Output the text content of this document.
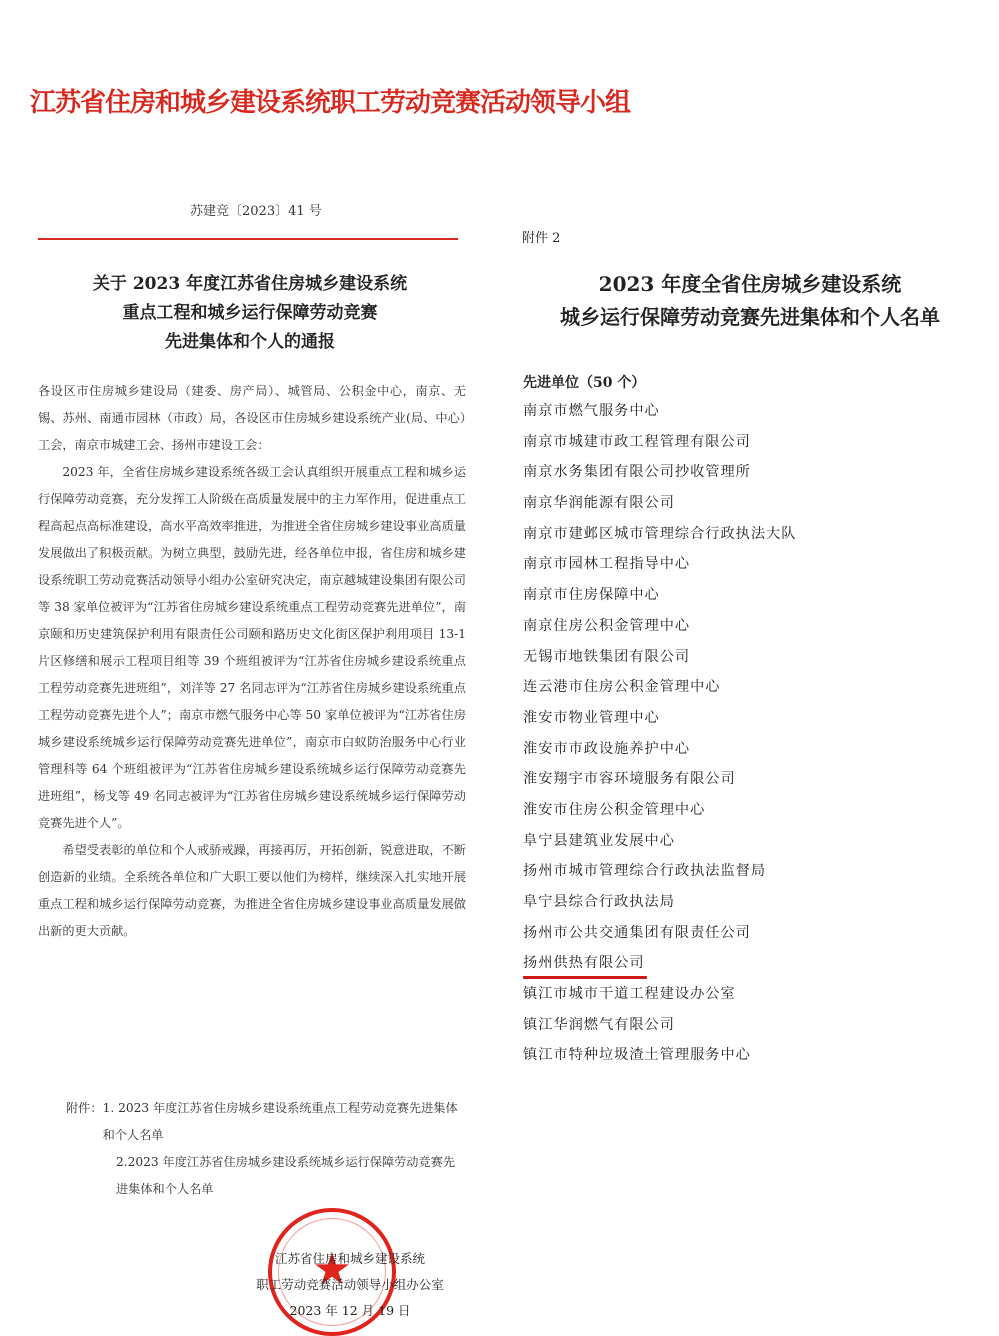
江苏省住房和城乡建设系统职工劳动竞赛活动领导小组
苏建竞〔2023〕41 号
关于 2023 年度江苏省住房城乡建设系统
重点工程和城乡运行保障劳动竞赛
先进集体和个人的通报

各设区市住房城乡建设局（建委、房产局）、城管局、公积金中心，南京、无锡、苏州、南通市园林（市政）局，各设区市住房城乡建设系统产业(局、中心）工会，南京市城建工会、扬州市建设工会：

2023 年，全省住房城乡建设系统各级工会认真组织开展重点工程和城乡运行保障劳动竞赛，充分发挥工人阶级在高质量发展中的主力军作用，促进重点工程高起点高标准建设，高水平高效率推进，为推进全省住房城乡建设事业高质量发展做出了积极贡献。为树立典型，鼓励先进，经各单位申报，省住房和城乡建设系统职工劳动竞赛活动领导小组办公室研究决定，南京越城建设集团有限公司等 38 家单位被评为“江苏省住房城乡建设系统重点工程劳动竞赛先进单位”，南京颐和历史建筑保护利用有限责任公司颐和路历史文化街区保护利用项目 13-1 片区修缮和展示工程项目组等 39 个班组被评为“江苏省住房城乡建设系统重点工程劳动竞赛先进班组”，刘洋等 27 名同志评为“江苏省住房城乡建设系统重点工程劳动竞赛先进个人”；南京市燃气服务中心等 50 家单位被评为“江苏省住房城乡建设系统城乡运行保障劳动竞赛先进单位”，南京市白蚁防治服务中心行业管理科等 64 个班组被评为“江苏省住房城乡建设系统城乡运行保障劳动竞赛先进班组”，杨戈等 49 名同志被评为“江苏省住房城乡建设系统城乡运行保障劳动竞赛先进个人”。

希望受表彰的单位和个人戒骄戒躁，再接再厉，开拓创新，锐意进取，不断创造新的业绩。全系统各单位和广大职工要以他们为榜样，继续深入扎实地开展重点工程和城乡运行保障劳动竞赛，为推进全省住房城乡建设事业高质量发展做出新的更大贡献。

附件： 1. 2023 年度江苏省住房城乡建设系统重点工程劳动竞赛先进集体和个人名单
2.2023 年度江苏省住房城乡建设系统城乡运行保障劳动竞赛先进集体和个人名单
★
江苏省住房和城乡建设系统
职工劳动竞赛活动领导小组办公室
2023 年 12 月 19 日
附件 2
2023 年度全省住房城乡建设系统
城乡运行保障劳动竞赛先进集体和个人名单
先进单位（50 个）
南京市燃气服务中心
南京市城建市政工程管理有限公司
南京水务集团有限公司抄收管理所
南京华润能源有限公司
南京市建邺区城市管理综合行政执法大队
南京市园林工程指导中心
南京市住房保障中心
南京住房公积金管理中心
无锡市地铁集团有限公司
连云港市住房公积金管理中心
淮安市物业管理中心
淮安市市政设施养护中心
淮安翔宇市容环境服务有限公司
淮安市住房公积金管理中心
阜宁县建筑业发展中心
扬州市城市管理综合行政执法监督局
阜宁县综合行政执法局
扬州市公共交通集团有限责任公司
扬州供热有限公司
镇江市城市干道工程建设办公室
镇江华润燃气有限公司
镇江市特种垃圾渣土管理服务中心
